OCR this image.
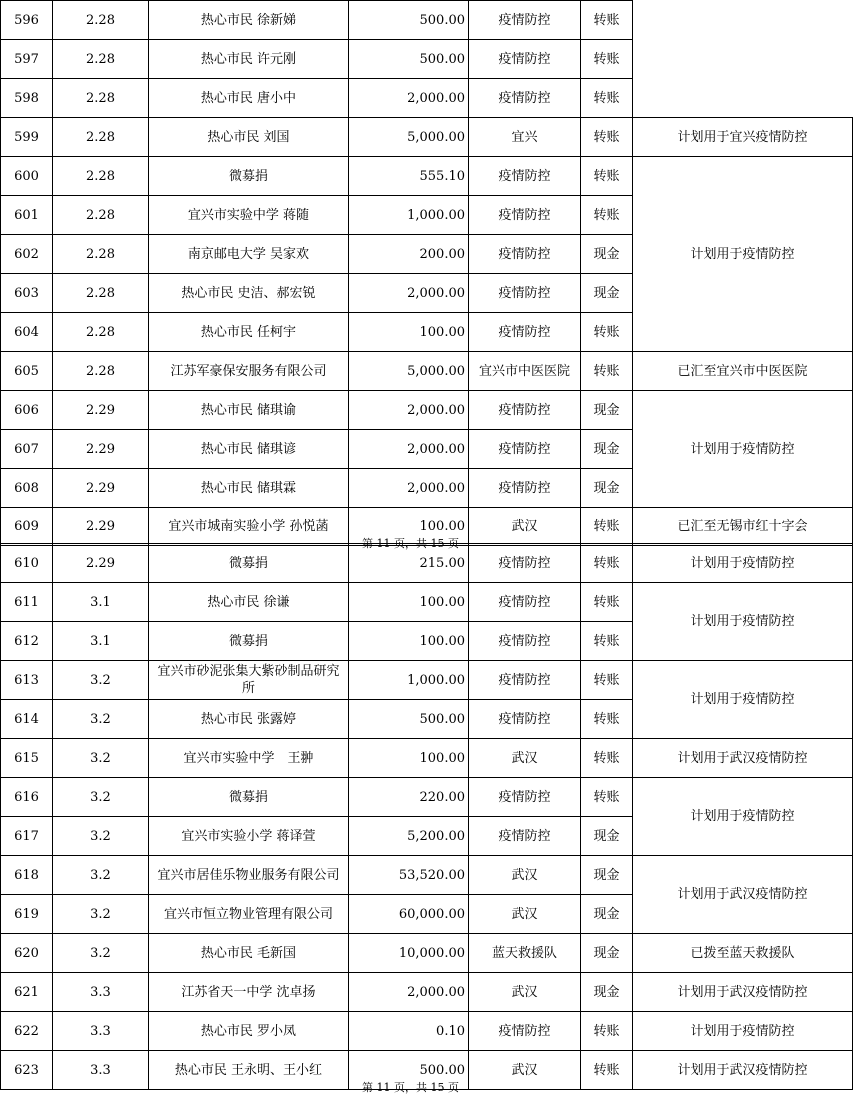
596	2.28	热心市民 徐新娣	500.00	疫情防控	转账	
597	2.28	热心市民 许元刚	500.00	疫情防控	转账	
598	2.28	热心市民 唐小中	2,000.00	疫情防控	转账	
599	2.28	热心市民 刘国	5,000.00	宜兴	转账	计划用于宜兴疫情防控
600	2.28	微募捐	555.10	疫情防控	转账	计划用于疫情防控
601	2.28	宜兴市实验中学 蒋随	1,000.00	疫情防控	转账	
602	2.28	南京邮电大学 吴家欢	200.00	疫情防控	现金	
603	2.28	热心市民 史洁、郝宏锐	2,000.00	疫情防控	现金	
604	2.28	热心市民 任柯宇	100.00	疫情防控	转账	
605	2.28	江苏军豪保安服务有限公司	5,000.00	宜兴市中医医院	转账	已汇至宜兴市中医医院
606	2.29	热心市民 储琪谕	2,000.00	疫情防控	现金	计划用于疫情防控
607	2.29	热心市民 储琪谚	2,000.00	疫情防控	现金	
608	2.29	热心市民 储琪霖	2,000.00	疫情防控	现金	
609	2.29	宜兴市城南实验小学 孙悦菡	100.00	武汉	转账	已汇至无锡市红十字会
第 11 页，共 15 页
610	2.29	微募捐	215.00	疫情防控	转账	计划用于疫情防控
611	3.1	热心市民 徐谦	100.00	疫情防控	转账	计划用于疫情防控
612	3.1	微募捐	100.00	疫情防控	转账	
613	3.2	宜兴市砂泥张集大紫砂制品研究所	1,000.00	疫情防控	转账	计划用于疫情防控
614	3.2	热心市民 张露婷	500.00	疫情防控	转账	
615	3.2	宜兴市实验中学　王翀	100.00	武汉	转账	计划用于武汉疫情防控
616	3.2	微募捐	220.00	疫情防控	转账	计划用于疫情防控
617	3.2	宜兴市实验小学 蒋译萱	5,200.00	疫情防控	现金	
618	3.2	宜兴市居佳乐物业服务有限公司	53,520.00	武汉	现金	计划用于武汉疫情防控
619	3.2	宜兴市恒立物业管理有限公司	60,000.00	武汉	现金	
620	3.2	热心市民 毛新国	10,000.00	蓝天救援队	现金	已拨至蓝天救援队
621	3.3	江苏省天一中学 沈卓扬	2,000.00	武汉	现金	计划用于武汉疫情防控
622	3.3	热心市民 罗小凤	0.10	疫情防控	转账	计划用于疫情防控
623	3.3	热心市民 王永明、王小红	500.00	武汉	转账	计划用于武汉疫情防控
第 11 页，共 15 页
